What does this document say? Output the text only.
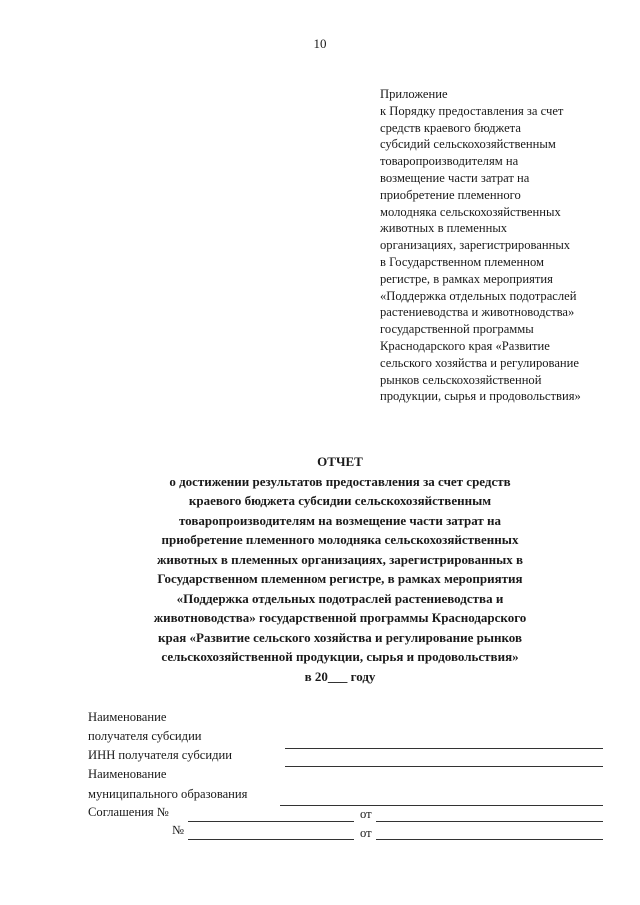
10
Приложение
к Порядку предоставления за счет
средств краевого бюджета
субсидий сельскохозяйственным
товаропроизводителям на
возмещение части затрат на
приобретение племенного
молодняка сельскохозяйственных
животных в племенных
организациях, зарегистрированных
в Государственном племенном
регистре, в рамках мероприятия
«Поддержка отдельных подотраслей
растениеводства и животноводства»
государственной программы
Краснодарского края «Развитие
сельского хозяйства и регулирование
рынков сельскохозяйственной
продукции, сырья и продовольствия»
ОТЧЕТ
о достижении результатов предоставления за счет средств
краевого бюджета субсидии сельскохозяйственным
товаропроизводителям на возмещение части затрат на
приобретение племенного молодняка сельскохозяйственных
животных в племенных организациях, зарегистрированных в
Государственном племенном регистре, в рамках мероприятия
«Поддержка отдельных подотраслей растениеводства и
животноводства» государственной программы Краснодарского
края «Развитие сельского хозяйства и регулирование рынков
сельскохозяйственной продукции, сырья и продовольствия»
в 20___ году
Наименование
получателя субсидии
ИНН получателя субсидии
Наименование
муниципального образования
Соглашения №	от
№	от
